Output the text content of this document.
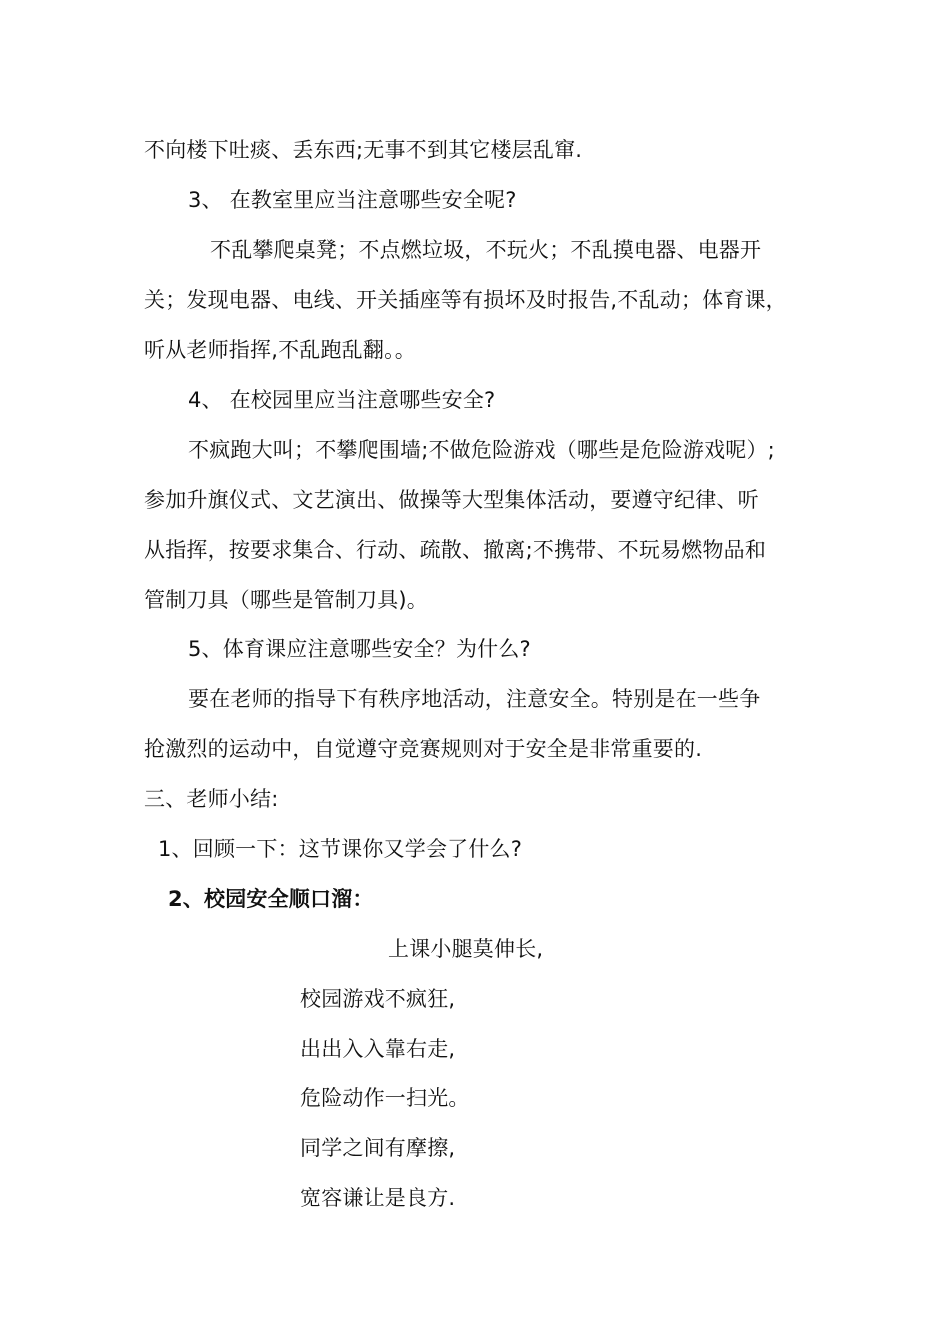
不向楼下吐痰、丢东西;无事不到其它楼层乱窜.
3、 在教室里应当注意哪些安全呢?
不乱攀爬桌凳；不点燃垃圾，不玩火；不乱摸电器、电器开
关；发现电器、电线、开关插座等有损坏及时报告,不乱动；体育课，
听从老师指挥,不乱跑乱翻。。
4、 在校园里应当注意哪些安全?
不疯跑大叫；不攀爬围墙;不做危险游戏（哪些是危险游戏呢）;
参加升旗仪式、文艺演出、做操等大型集体活动，要遵守纪律、听
从指挥，按要求集合、行动、疏散、撤离;不携带、不玩易燃物品和
管制刀具（哪些是管制刀具)。
5、体育课应注意哪些安全？为什么?
要在老师的指导下有秩序地活动，注意安全。特别是在一些争
抢激烈的运动中，自觉遵守竞赛规则对于安全是非常重要的.
三、老师小结:
1、回顾一下：这节课你又学会了什么?
2、校园安全顺口溜：
上课小腿莫伸长,
校园游戏不疯狂,
出出入入靠右走,
危险动作一扫光。
同学之间有摩擦,
宽容谦让是良方.
